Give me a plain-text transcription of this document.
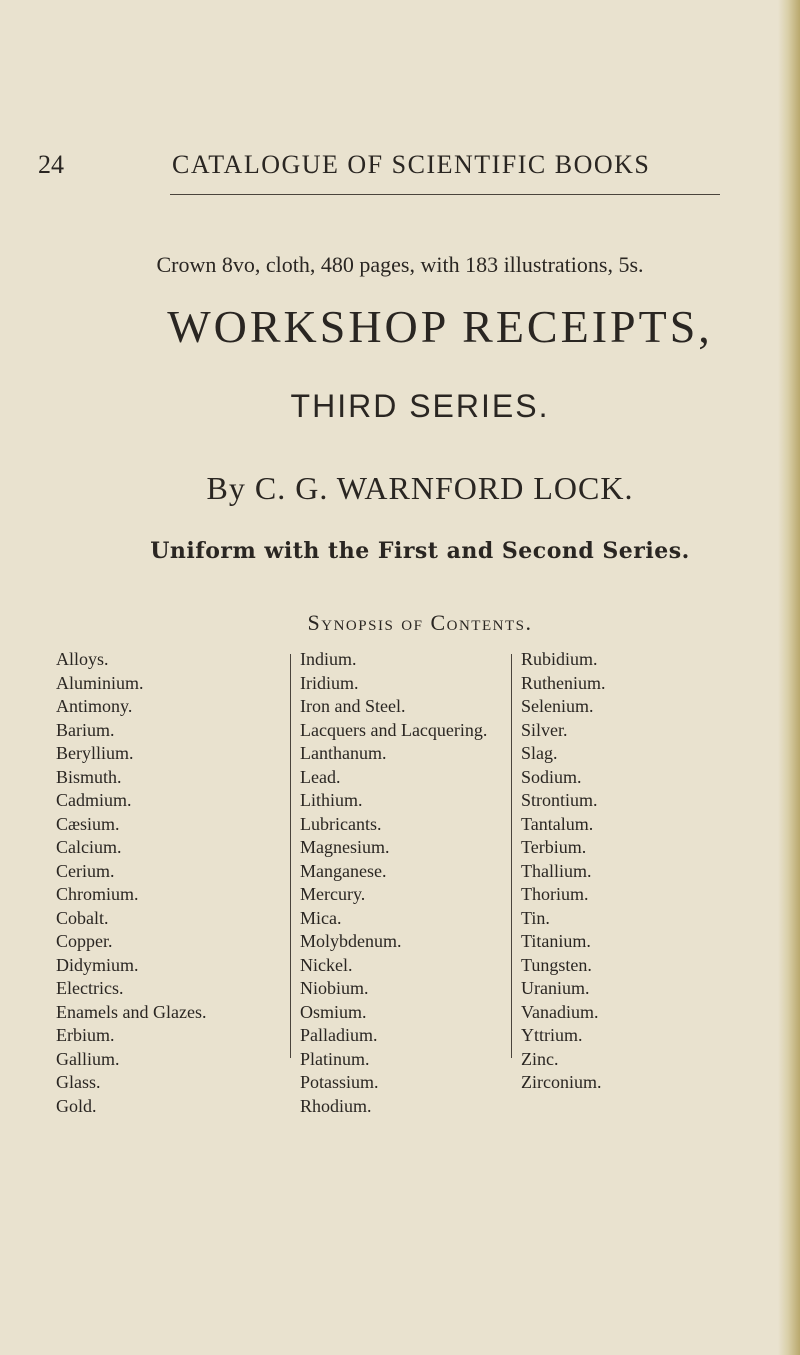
24	CATALOGUE OF SCIENTIFIC BOOKS
Crown 8vo, cloth, 480 pages, with 183 illustrations, 5s.
WORKSHOP RECEIPTS,
THIRD SERIES.
By C. G. WARNFORD LOCK.
Uniform with the First and Second Series.
Synopsis of Contents.
Alloys.
Aluminium.
Antimony.
Barium.
Beryllium.
Bismuth.
Cadmium.
Cæsium.
Calcium.
Cerium.
Chromium.
Cobalt.
Copper.
Didymium.
Electrics.
Enamels and Glazes.
Erbium.
Gallium.
Glass.
Gold.
Indium.
Iridium.
Iron and Steel.
Lacquers and Lacquering.
Lanthanum.
Lead.
Lithium.
Lubricants.
Magnesium.
Manganese.
Mercury.
Mica.
Molybdenum.
Nickel.
Niobium.
Osmium.
Palladium.
Platinum.
Potassium.
Rhodium.
Rubidium.
Ruthenium.
Selenium.
Silver.
Slag.
Sodium.
Strontium.
Tantalum.
Terbium.
Thallium.
Thorium.
Tin.
Titanium.
Tungsten.
Uranium.
Vanadium.
Yttrium.
Zinc.
Zirconium.
